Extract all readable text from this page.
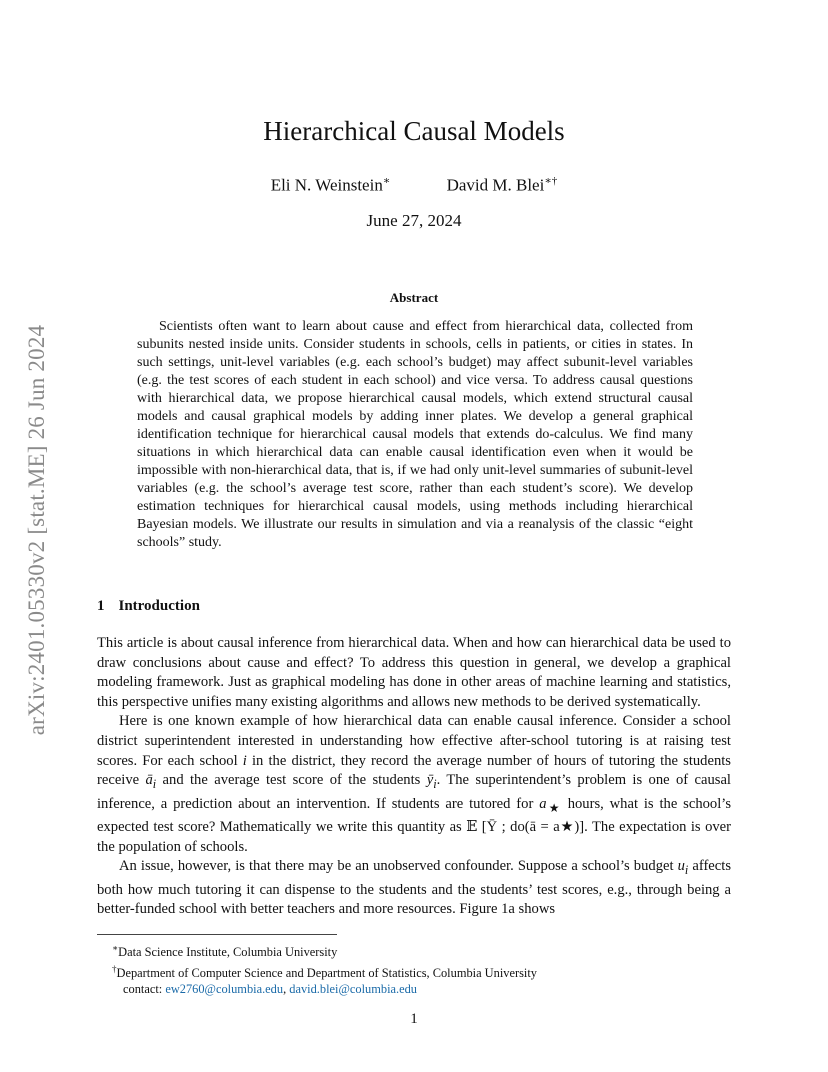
arXiv:2401.05330v2 [stat.ME] 26 Jun 2024
Hierarchical Causal Models
Eli N. Weinstein∗	David M. Blei∗†
June 27, 2024
Abstract

Scientists often want to learn about cause and effect from hierarchical data, collected from subunits nested inside units. Consider students in schools, cells in patients, or cities in states. In such settings, unit-level variables (e.g. each school’s budget) may affect subunit-level variables (e.g. the test scores of each student in each school) and vice versa. To address causal questions with hierarchical data, we propose hierarchical causal models, which extend structural causal models and causal graphical models by adding inner plates. We develop a general graphical identification technique for hierarchical causal models that extends do-calculus. We find many situations in which hierarchical data can enable causal identification even when it would be impossible with non-hierarchical data, that is, if we had only unit-level summaries of subunit-level variables (e.g. the school’s average test score, rather than each student’s score). We develop estimation techniques for hierarchical causal models, using methods including hierarchical Bayesian models. We illustrate our results in simulation and via a reanalysis of the classic “eight schools” study.

1 Introduction

This article is about causal inference from hierarchical data. When and how can hierarchical data be used to draw conclusions about cause and effect? To address this question in general, we develop a graphical modeling framework. Just as graphical modeling has done in other areas of machine learning and statistics, this perspective unifies many existing algorithms and allows new methods to be derived systematically.

Here is one known example of how hierarchical data can enable causal inference. Consider a school district superintendent interested in understanding how effective after-school tutoring is at raising test scores. For each school i in the district, they record the average number of hours of tutoring the students receive $ā_i$ and the average test score of the students $ȳ_i$. The superintendent’s problem is one of causal inference, a prediction about an intervention. If students are tutored for $a_★$ hours, what is the school’s expected test score? Mathematically we write this quantity as 𝔼 [Ȳ ; do(ā = a★)]. The expectation is over the population of schools.

An issue, however, is that there may be an unobserved confounder. Suppose a school’s budget $u_i$ affects both how much tutoring it can dispense to the students and the students’ test scores, e.g., through being a better-funded school with better teachers and more resources. Figure 1a shows

∗Data Science Institute, Columbia University
†Department of Computer Science and Department of Statistics, Columbia University
contact: ew2760@columbia.edu, david.blei@columbia.edu
1
